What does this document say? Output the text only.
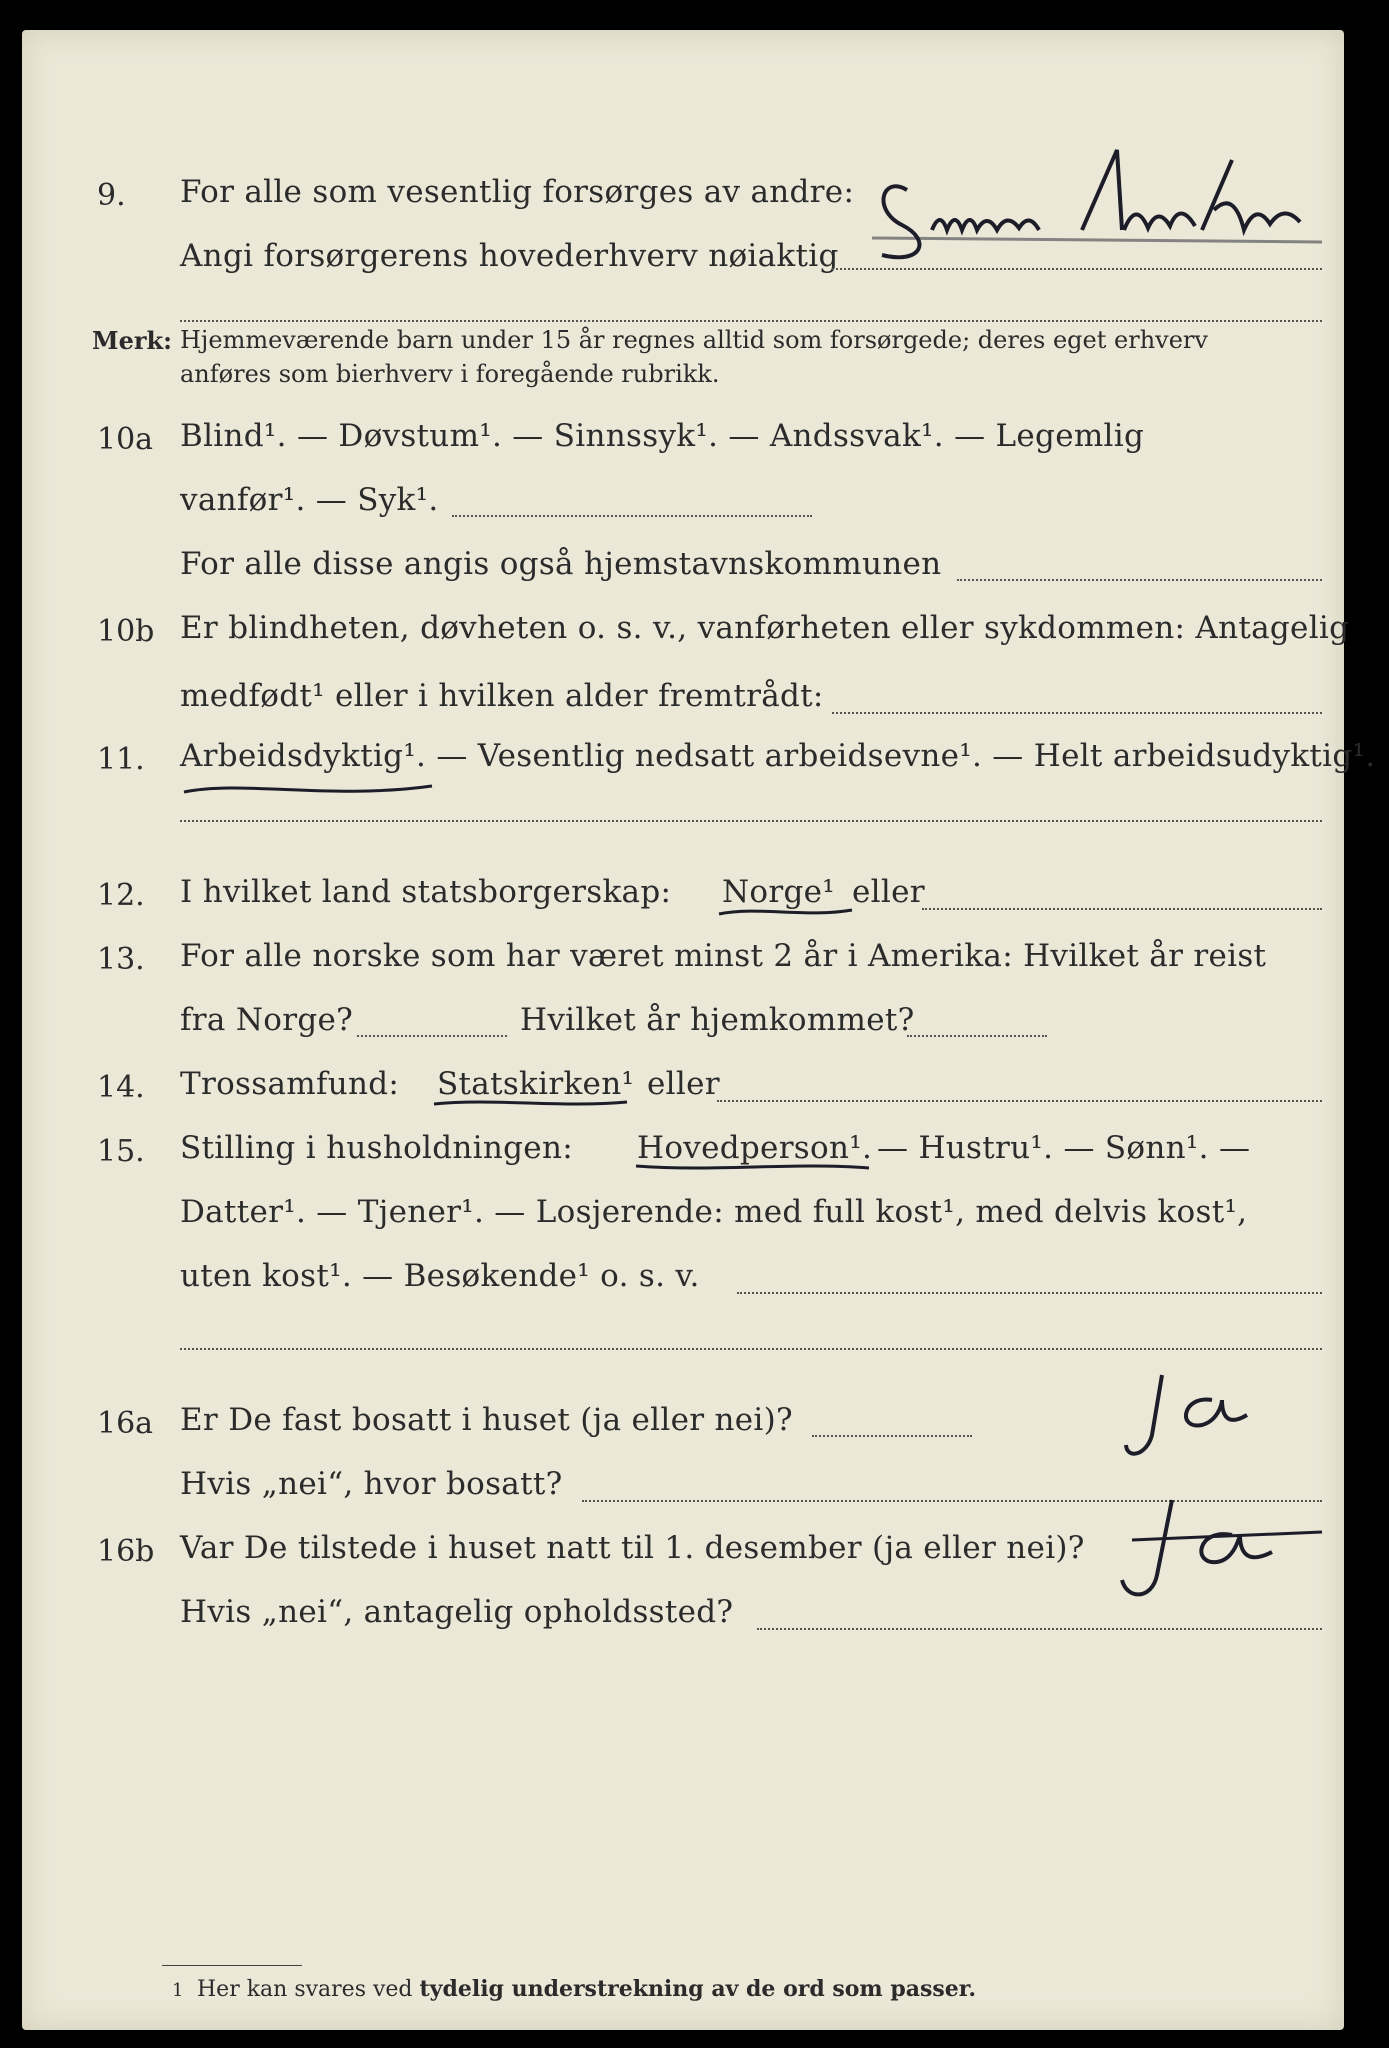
9. For alle som vesentlig forsørges av andre:
Angi forsørgerens hovederhverv nøiaktig
Smaabruker
Merk: Hjemmeværende barn under 15 år regnes alltid som forsørgede; deres eget erhverv
anføres som bierhverv i foregående rubrikk.
10a Blind¹. — Døvstum¹. — Sinnssyk¹. — Andssvak¹. — Legemlig
vanfør¹. — Syk¹.
For alle disse angis også hjemstavnskommunen
10b Er blindheten, døvheten o. s. v., vanførheten eller sykdommen: Antagelig
medfødt¹ eller i hvilken alder fremtrådt:
11. Arbeidsdyktig¹. — Vesentlig nedsatt arbeidsevne¹. — Helt arbeidsudyktig¹.
12. I hvilket land statsborgerskap: Norge¹ eller
13. For alle norske som har været minst 2 år i Amerika: Hvilket år reist
fra Norge?	Hvilket år hjemkommet?
14. Trossamfund: Statskirken¹ eller
15. Stilling i husholdningen: Hovedperson¹. — Hustru¹. — Sønn¹. —
Datter¹. — Tjener¹. — Losjerende: med full kost¹, med delvis kost¹,
uten kost¹. — Besøkende¹ o. s. v.
16a Er De fast bosatt i huset (ja eller nei)?
Hvis „nei“, hvor bosatt?
ja
16b Var De tilstede i huset natt til 1. desember (ja eller nei)?
Hvis „nei“, antagelig opholdssted?
ja
1 Her kan svares ved tydelig understrekning av de ord som passer.
